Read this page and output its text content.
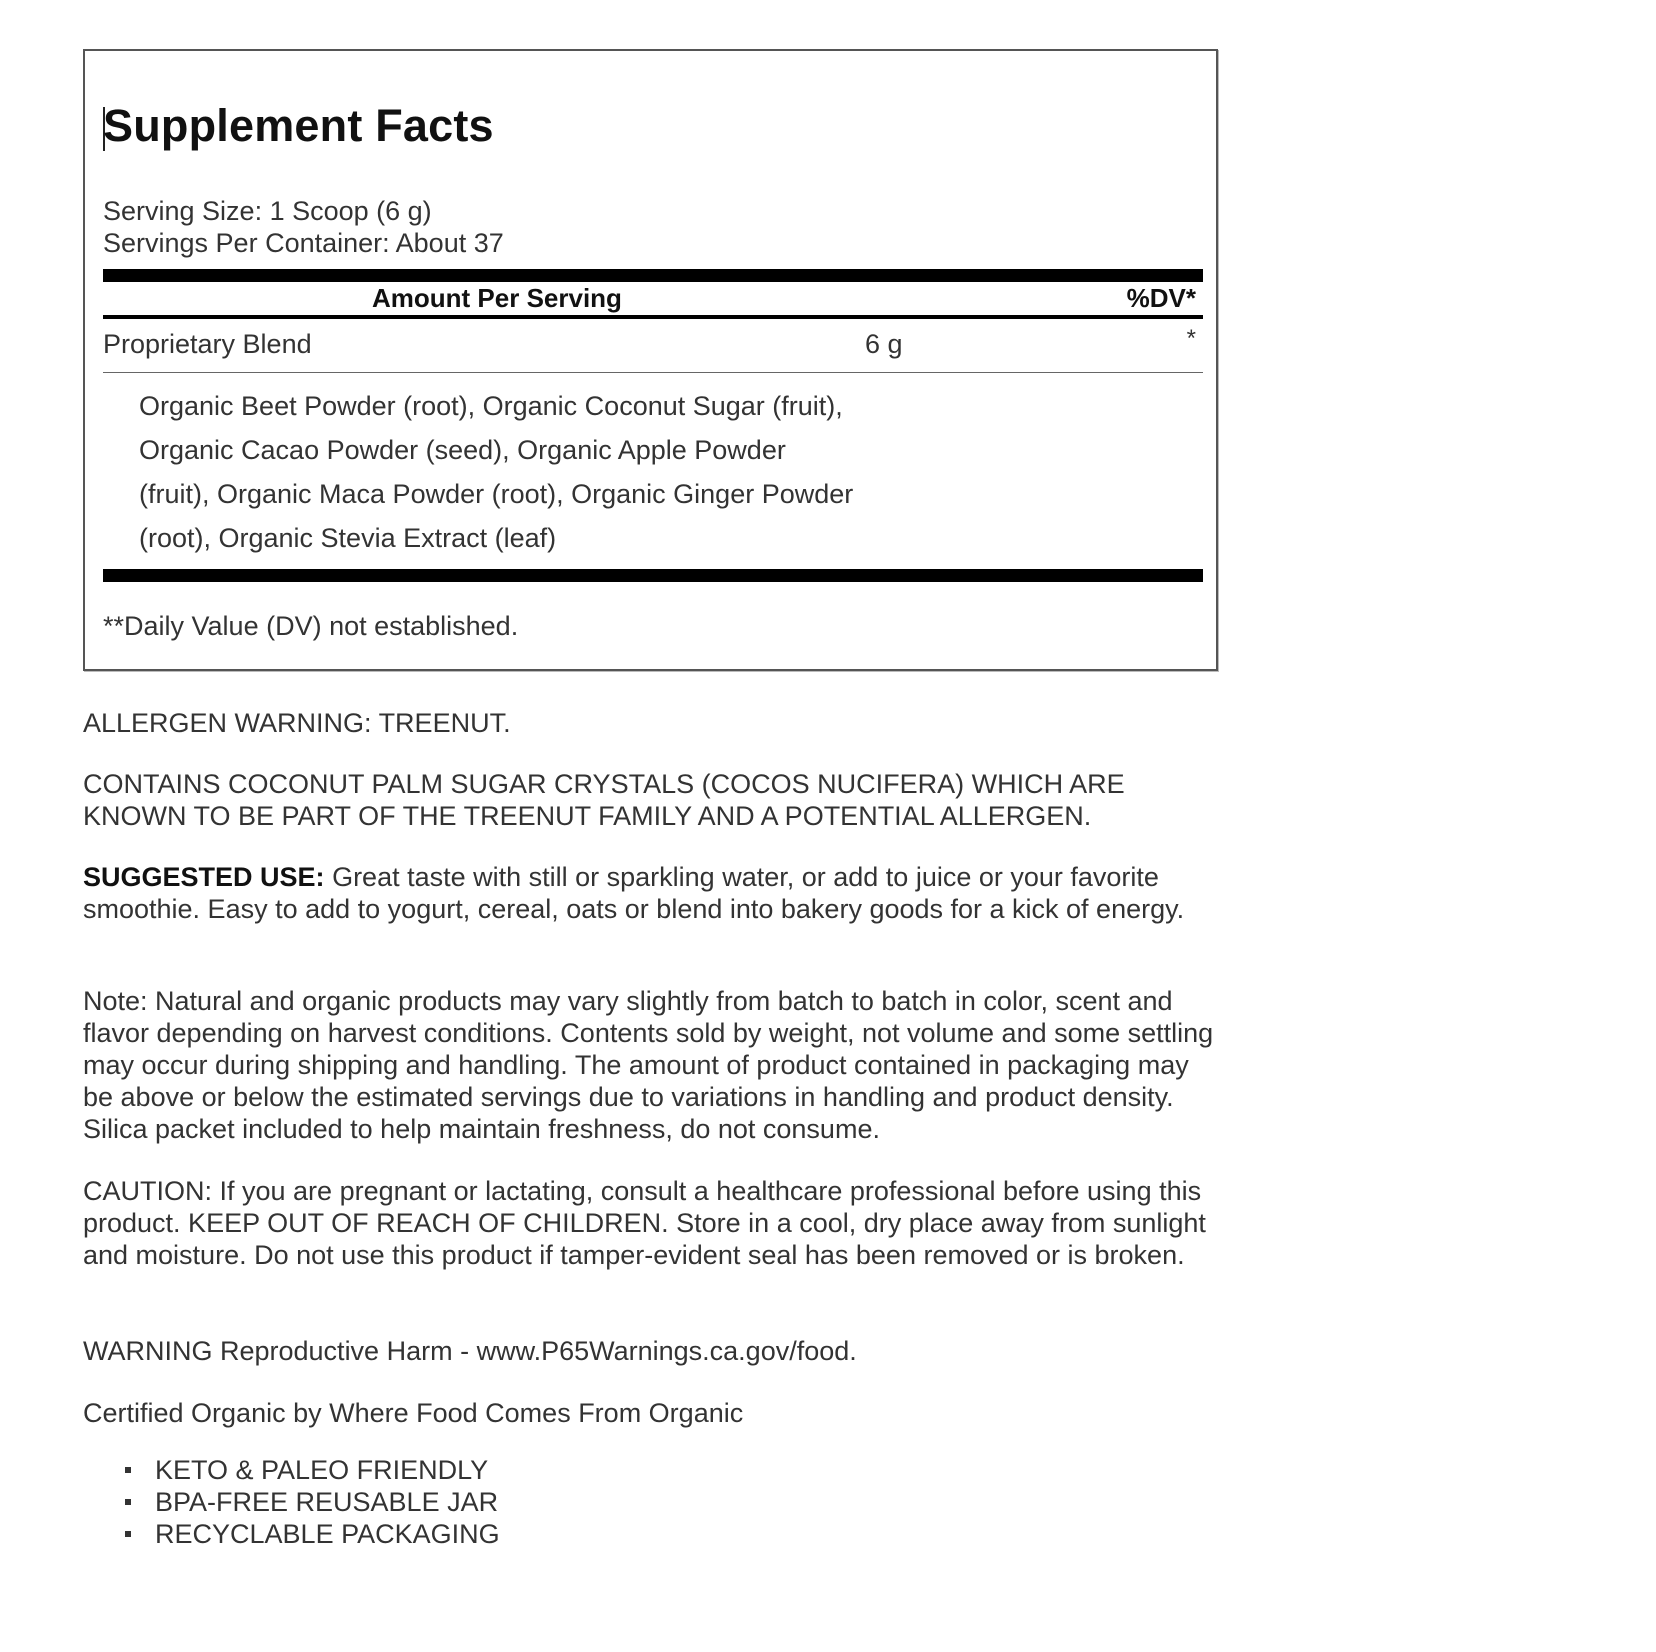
Supplement Facts
Serving Size: 1 Scoop (6 g)
Servings Per Container: About 37
Amount Per Serving	%DV*
Proprietary Blend	6 g	*
Organic Beet Powder (root), Organic Coconut Sugar (fruit),
Organic Cacao Powder (seed), Organic Apple Powder
(fruit), Organic Maca Powder (root), Organic Ginger Powder
(root), Organic Stevia Extract (leaf)
**Daily Value (DV) not established.

ALLERGEN WARNING: TREENUT.

CONTAINS COCONUT PALM SUGAR CRYSTALS (COCOS NUCIFERA) WHICH ARE KNOWN TO BE PART OF THE TREENUT FAMILY AND A POTENTIAL ALLERGEN.

SUGGESTED USE: Great taste with still or sparkling water, or add to juice or your favorite smoothie. Easy to add to yogurt, cereal, oats or blend into bakery goods for a kick of energy.

Note: Natural and organic products may vary slightly from batch to batch in color, scent and flavor depending on harvest conditions. Contents sold by weight, not volume and some settling may occur during shipping and handling. The amount of product contained in packaging may be above or below the estimated servings due to variations in handling and product density. Silica packet included to help maintain freshness, do not consume.

CAUTION: If you are pregnant or lactating, consult a healthcare professional before using this product. KEEP OUT OF REACH OF CHILDREN. Store in a cool, dry place away from sunlight and moisture. Do not use this product if tamper-evident seal has been removed or is broken.

WARNING Reproductive Harm - www.P65Warnings.ca.gov/food.

Certified Organic by Where Food Comes From Organic

KETO & PALEO FRIENDLY
BPA-FREE REUSABLE JAR
RECYCLABLE PACKAGING
